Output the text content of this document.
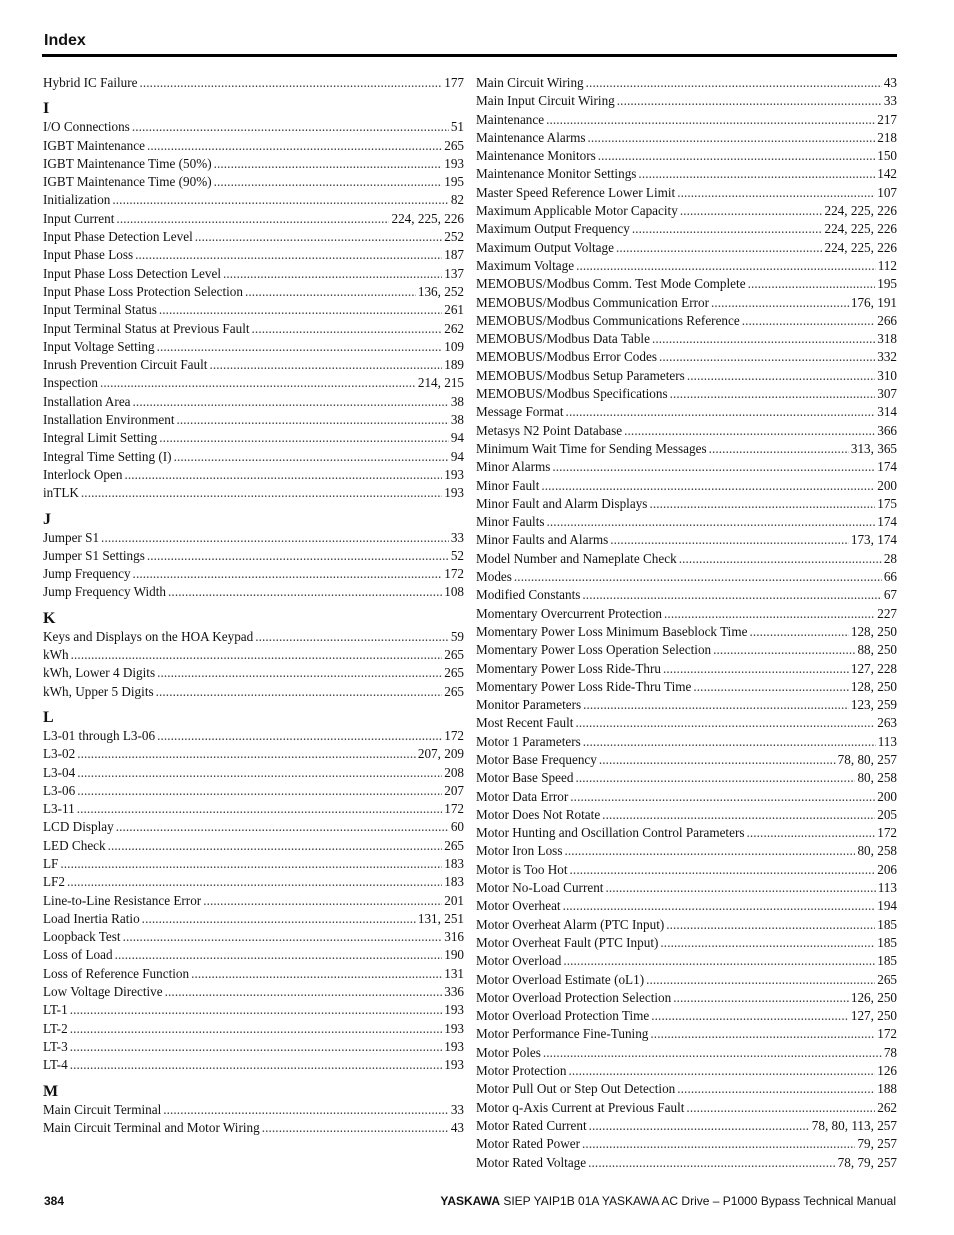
Index
Hybrid IC Failure . . .	177
I
I/O Connections . . .	51
IGBT Maintenance . . .	265
IGBT Maintenance Time (50%) . . .	193
IGBT Maintenance Time (90%) . . .	195
Initialization . . .	82
Input Current . . .	224, 225, 226
Input Phase Detection Level . . .	252
Input Phase Loss . . .	187
Input Phase Loss Detection Level . . .	137
Input Phase Loss Protection Selection . . .	136, 252
Input Terminal Status . . .	261
Input Terminal Status at Previous Fault . . .	262
Input Voltage Setting . . .	109
Inrush Prevention Circuit Fault . . .	189
Inspection . . .	214, 215
Installation Area . . .	38
Installation Environment . . .	38
Integral Limit Setting . . .	94
Integral Time Setting (I) . . .	94
Interlock Open . . .	193
inTLK . . .	193
J
Jumper S1 . . .	33
Jumper S1 Settings . . .	52
Jump Frequency . . .	172
Jump Frequency Width . . .	108
K
Keys and Displays on the HOA Keypad . . .	59
kWh . . .	265
kWh, Lower 4 Digits . . .	265
kWh, Upper 5 Digits . . .	265
L
L3-01 through L3-06 . . .	172
L3-02 . . .	207, 209
L3-04 . . .	208
L3-06 . . .	207
L3-11 . . .	172
LCD Display . . .	60
LED Check . . .	265
LF . . .	183
LF2 . . .	183
Line-to-Line Resistance Error . . .	201
Load Inertia Ratio . . .	131, 251
Loopback Test . . .	316
Loss of Load . . .	190
Loss of Reference Function . . .	131
Low Voltage Directive . . .	336
LT-1 . . .	193
LT-2 . . .	193
LT-3 . . .	193
LT-4 . . .	193
M
Main Circuit Terminal . . .	33
Main Circuit Terminal and Motor Wiring . . .	43
Main Circuit Wiring . . .	43
Main Input Circuit Wiring . . .	33
Maintenance . . .	217
Maintenance Alarms . . .	218
Maintenance Monitors . . .	150
Maintenance Monitor Settings . . .	142
Master Speed Reference Lower Limit . . .	107
Maximum Applicable Motor Capacity . . .	224, 225, 226
Maximum Output Frequency . . .	224, 225, 226
Maximum Output Voltage . . .	224, 225, 226
Maximum Voltage . . .	112
MEMOBUS/Modbus Comm. Test Mode Complete . . .	195
MEMOBUS/Modbus Communication Error . . .	176, 191
MEMOBUS/Modbus Communications Reference . . .	266
MEMOBUS/Modbus Data Table . . .	318
MEMOBUS/Modbus Error Codes . . .	332
MEMOBUS/Modbus Setup Parameters . . .	310
MEMOBUS/Modbus Specifications . . .	307
Message Format . . .	314
Metasys N2 Point Database . . .	366
Minimum Wait Time for Sending Messages . . .	313, 365
Minor Alarms . . .	174
Minor Fault . . .	200
Minor Fault and Alarm Displays . . .	175
Minor Faults . . .	174
Minor Faults and Alarms . . .	173, 174
Model Number and Nameplate Check . . .	28
Modes . . .	66
Modified Constants . . .	67
Momentary Overcurrent Protection . . .	227
Momentary Power Loss Minimum Baseblock Time . . .	128, 250
Momentary Power Loss Operation Selection . . .	88, 250
Momentary Power Loss Ride-Thru . . .	127, 228
Momentary Power Loss Ride-Thru Time . . .	128, 250
Monitor Parameters . . .	123, 259
Most Recent Fault . . .	263
Motor 1 Parameters . . .	113
Motor Base Frequency . . .	78, 80, 257
Motor Base Speed . . .	80, 258
Motor Data Error . . .	200
Motor Does Not Rotate . . .	205
Motor Hunting and Oscillation Control Parameters . . .	172
Motor Iron Loss . . .	80, 258
Motor is Too Hot . . .	206
Motor No-Load Current . . .	113
Motor Overheat . . .	194
Motor Overheat Alarm (PTC Input) . . .	185
Motor Overheat Fault (PTC Input) . . .	185
Motor Overload . . .	185
Motor Overload Estimate (oL1) . . .	265
Motor Overload Protection Selection . . .	126, 250
Motor Overload Protection Time . . .	127, 250
Motor Performance Fine-Tuning . . .	172
Motor Poles . . .	78
Motor Protection . . .	126
Motor Pull Out or Step Out Detection . . .	188
Motor q-Axis Current at Previous Fault . . .	262
Motor Rated Current . . .	78, 80, 113, 257
Motor Rated Power . . .	79, 257
Motor Rated Voltage . . .	78, 79, 257
384	YASKAWA SIEP YAIP1B 01A YASKAWA AC Drive – P1000 Bypass Technical Manual
